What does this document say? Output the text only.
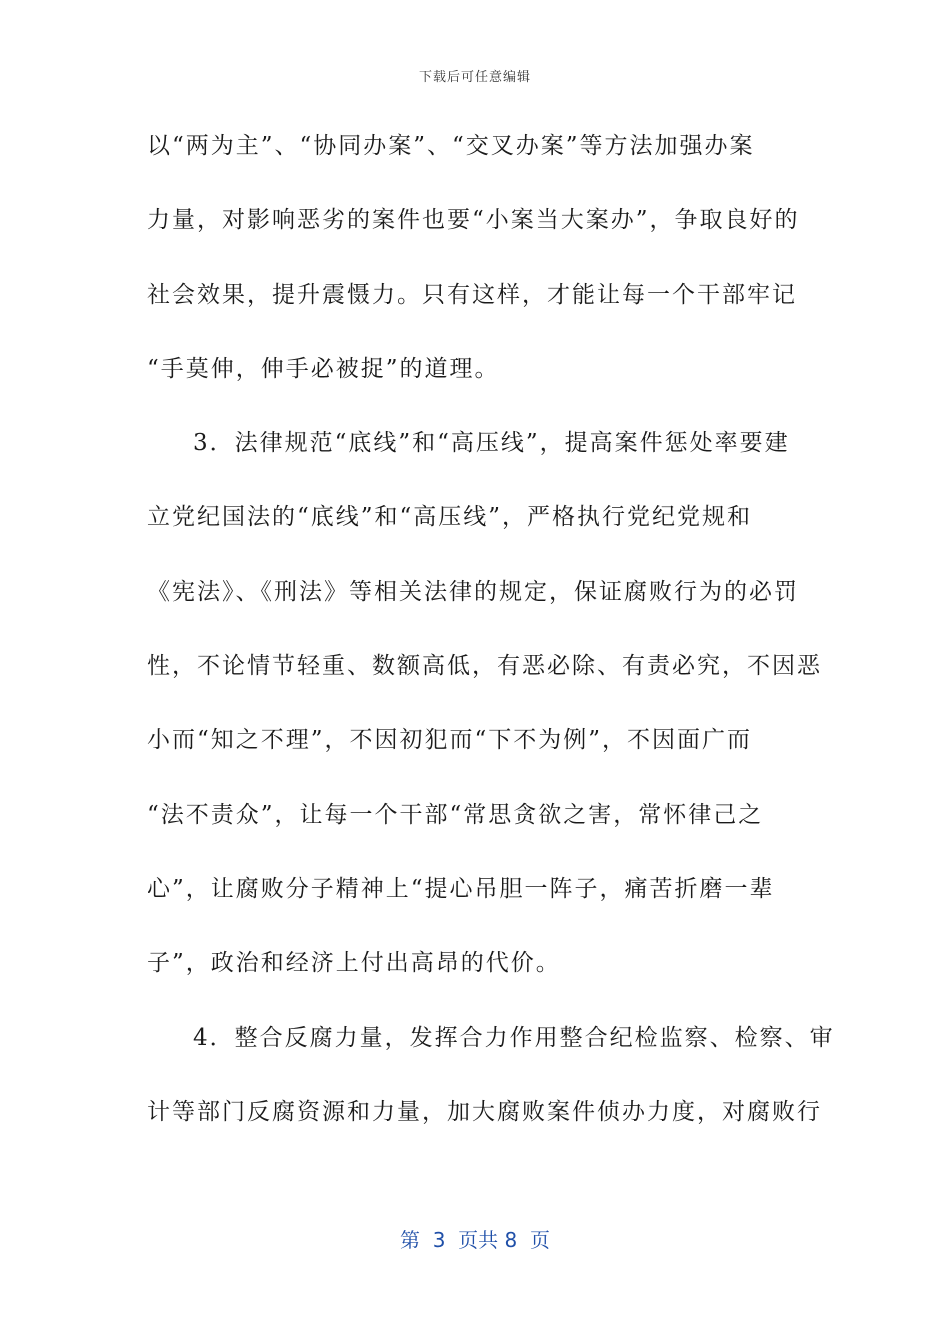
下载后可任意编辑
以“两为主”、“协同办案”、“交叉办案”等方法加强办案
力量，对影响恶劣的案件也要“小案当大案办”，争取良好的
社会效果，提升震慑力。只有这样，才能让每一个干部牢记
“手莫伸，伸手必被捉”的道理。
3．法律规范“底线”和“高压线”，提高案件惩处率要建
立党纪国法的“底线”和“高压线”，严格执行党纪党规和
《宪法》、《刑法》等相关法律的规定，保证腐败行为的必罚
性，不论情节轻重、数额高低，有恶必除、有责必究，不因恶
小而“知之不理”，不因初犯而“下不为例”，不因面广而
“法不责众”，让每一个干部“常思贪欲之害，常怀律己之
心”，让腐败分子精神上“提心吊胆一阵子，痛苦折磨一辈
子”，政治和经济上付出高昂的代价。
4．整合反腐力量，发挥合力作用整合纪检监察、检察、审
计等部门反腐资源和力量，加大腐败案件侦办力度，对腐败行
第  3  页共 8  页
